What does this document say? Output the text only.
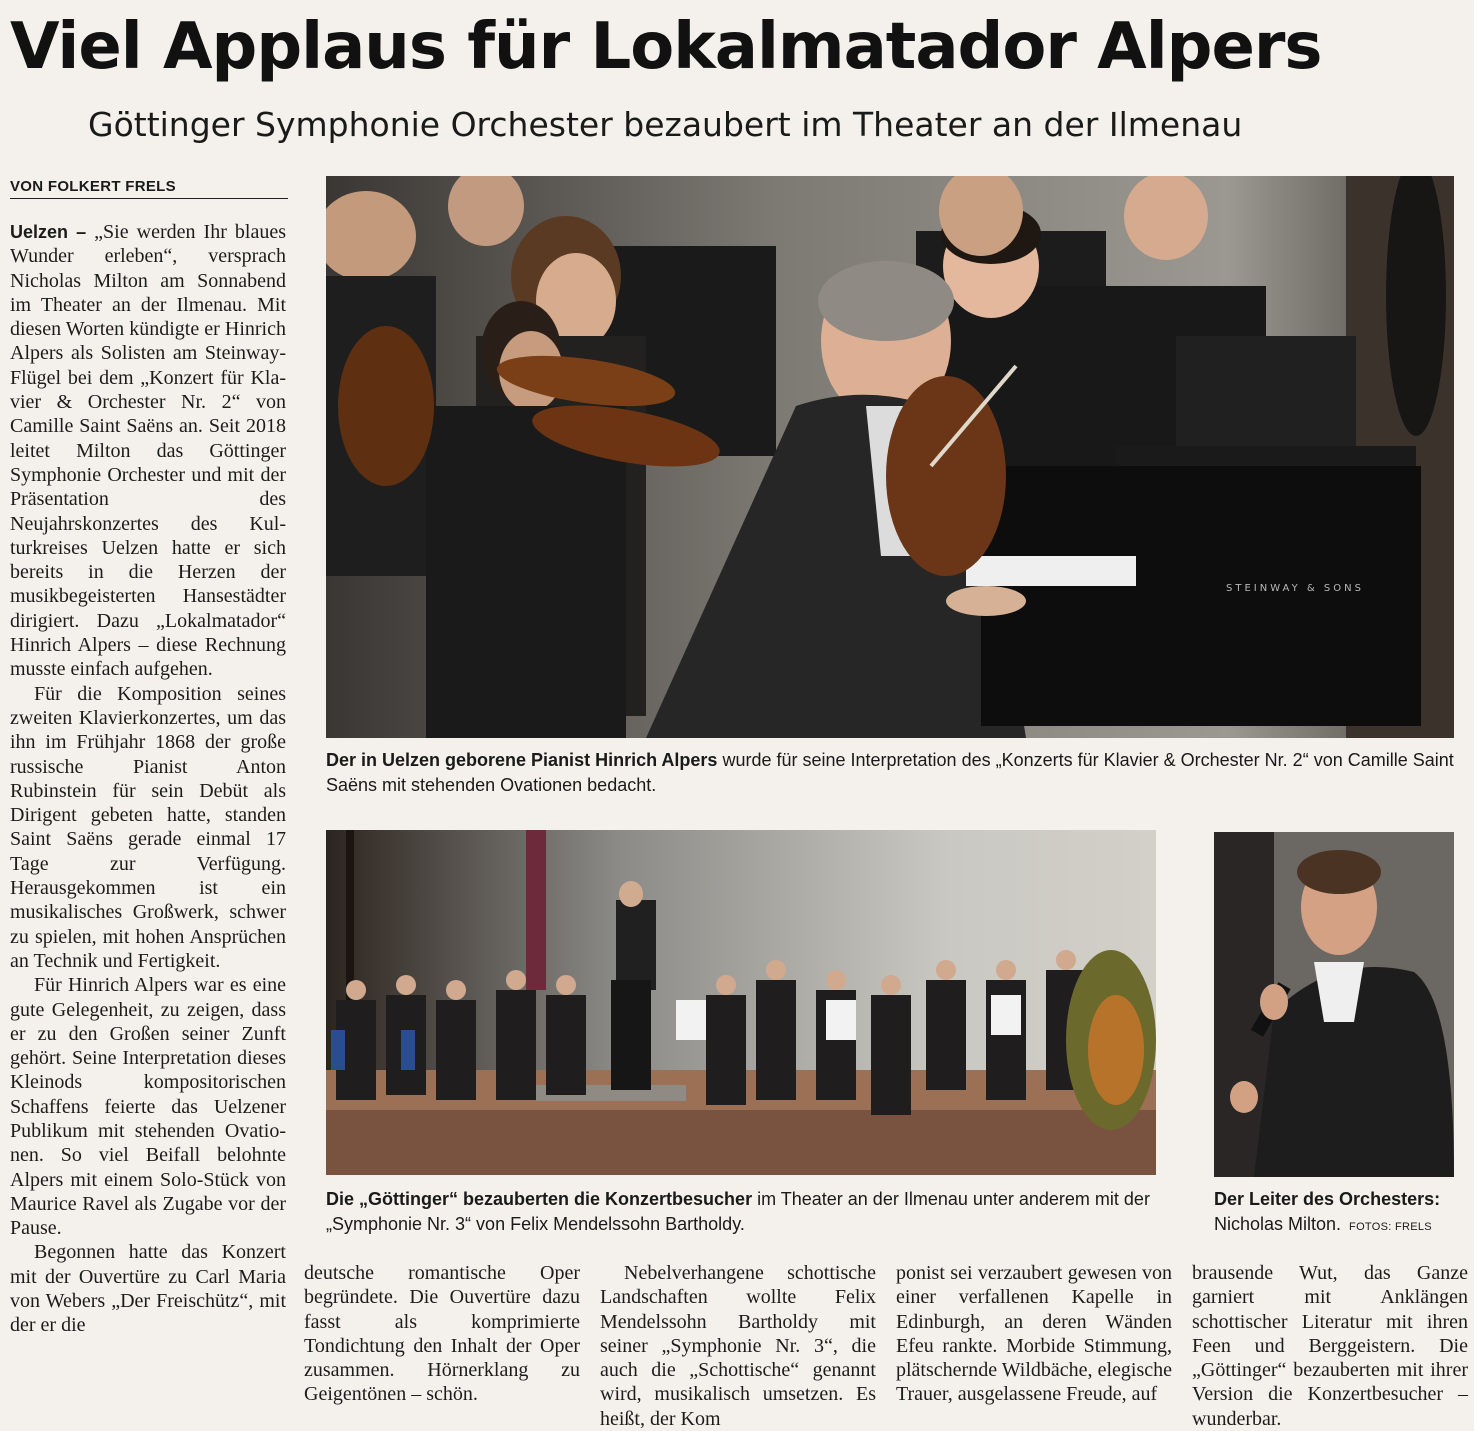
Viel Applaus für Lokalmatador Alpers
Göttinger Symphonie Orchester bezaubert im Theater an der Ilmenau
VON FOLKERT FRELS

Uelzen – „Sie werden Ihr blaues Wunder erleben“, versprach Nicholas Milton am Sonnabend im Theater an der Ilmenau. Mit diesen Worten kündigte er Hinrich Alpers als Solisten am Steinway-Flügel bei dem „Konzert für Klavier & Orchester Nr. 2“ von Camille Saint Saëns an. Seit 2018 leitet Milton das Göttinger Symphonie Orchester und mit der Präsentation des Neujahrskonzertes des Kulturkreises Uelzen hatte er sich bereits in die Herzen der musikbegeisterten Hansestädter dirigiert. Dazu „Lokalmatador“ Hinrich Alpers – diese Rechnung musste einfach aufgehen.

Für die Komposition seines zweiten Klavierkonzertes, um das ihn im Frühjahr 1868 der große russische Pianist Anton Rubinstein für sein Debüt als Dirigent gebeten hatte, standen Saint Saëns gerade einmal 17 Tage zur Verfügung. Herausgekommen ist ein musikalisches Großwerk, schwer zu spielen, mit hohen Ansprüchen an Technik und Fertigkeit.

Für Hinrich Alpers war es eine gute Gelegenheit, zu zeigen, dass er zu den Großen seiner Zunft gehört. Seine Interpretation dieses Kleinods kompositorischen Schaffens feierte das Uelzener Publikum mit stehenden Ovationen. So viel Beifall belohnte Alpers mit einem Solo-Stück von Maurice Ravel als Zugabe vor der Pause.

Begonnen hatte das Konzert mit der Ouvertüre zu Carl Maria von Webers „Der Freischütz“, mit der er die

STEINWAY & SONS

Der in Uelzen geborene Pianist Hinrich Alpers wurde für seine Interpretation des „Konzerts für Klavier & Orchester Nr. 2“ von Camille Saint Saëns mit stehenden Ovationen bedacht.

Die „Göttinger“ bezauberten die Konzertbesucher im Theater an der Ilmenau unter anderem mit der „Symphonie Nr. 3“ von Felix Mendelssohn Bartholdy.

Der Leiter des Orchesters:
Nicholas Milton. FOTOS: FRELS

deutsche romantische Oper begründete. Die Ouvertüre dazu fasst als komprimierte Tondichtung den Inhalt der Oper zusammen. Hörnerklang zu Geigentönen – schön.

Nebelverhangene schottische Landschaften wollte Felix Mendelssohn Bartholdy mit seiner „Symphonie Nr. 3“, die auch die „Schottische“ genannt wird, musikalisch umsetzen. Es heißt, der Kom

ponist sei verzaubert gewesen von einer verfallenen Kapelle in Edinburgh, an deren Wänden Efeu rankte. Morbide Stimmung, plätschernde Wildbäche, elegische Trauer, ausgelassene Freude, auf

brausende Wut, das Ganze garniert mit Anklängen schottischer Literatur mit ihren Feen und Berggeistern. Die „Göttinger“ bezauberten mit ihrer Version die Konzertbesucher – wunderbar.
